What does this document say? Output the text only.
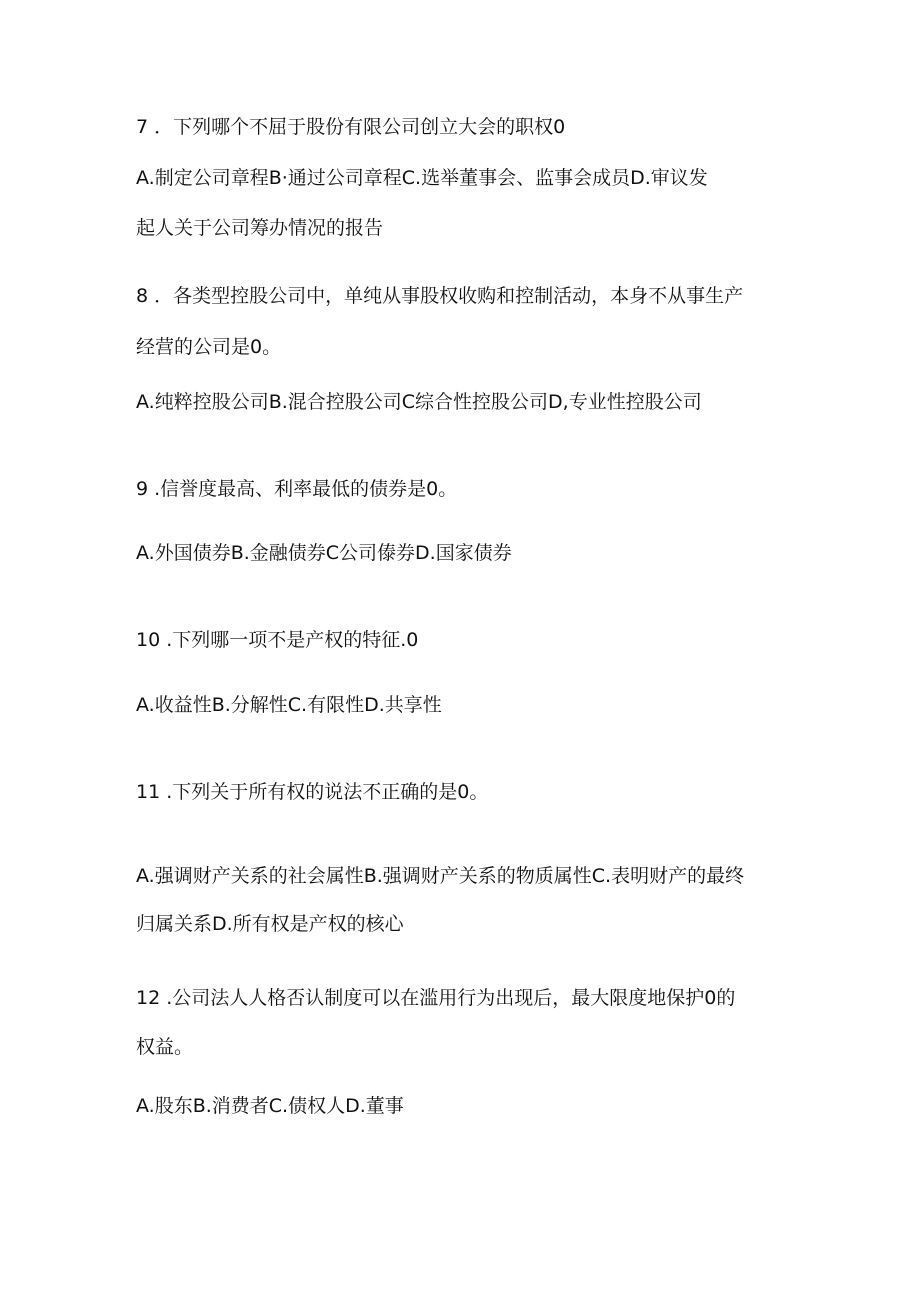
7 ．下列哪个不屈于股份有限公司创立大会的职权0
A.制定公司章程B·通过公司章程C.选举董事会、监事会成员D.审议发
起人关于公司筹办情况的报告
8 ．各类型控股公司中，单纯从事股权收购和控制活动，本身不从事生产
经营的公司是0。
A.纯粹控股公司B.混合控股公司C综合性控股公司D,专业性控股公司
9 .信誉度最高、利率最低的债券是0。
A.外国债券B.金融债券C公司傣券D.国家债券
10 .下列哪一项不是产权的特征.0
A.收益性B.分解性C.有限性D.共享性
11 .下列关于所有权的说法不正确的是0。
A.强调财产关系的社会属性B.强调财产关系的物质属性C.表明财产的最终
归属关系D.所有权是产权的核心
12 .公司法人人格否认制度可以在滥用行为出现后，最大限度地保护0的
权益。
A.股东B.消费者C.债权人D.董事
